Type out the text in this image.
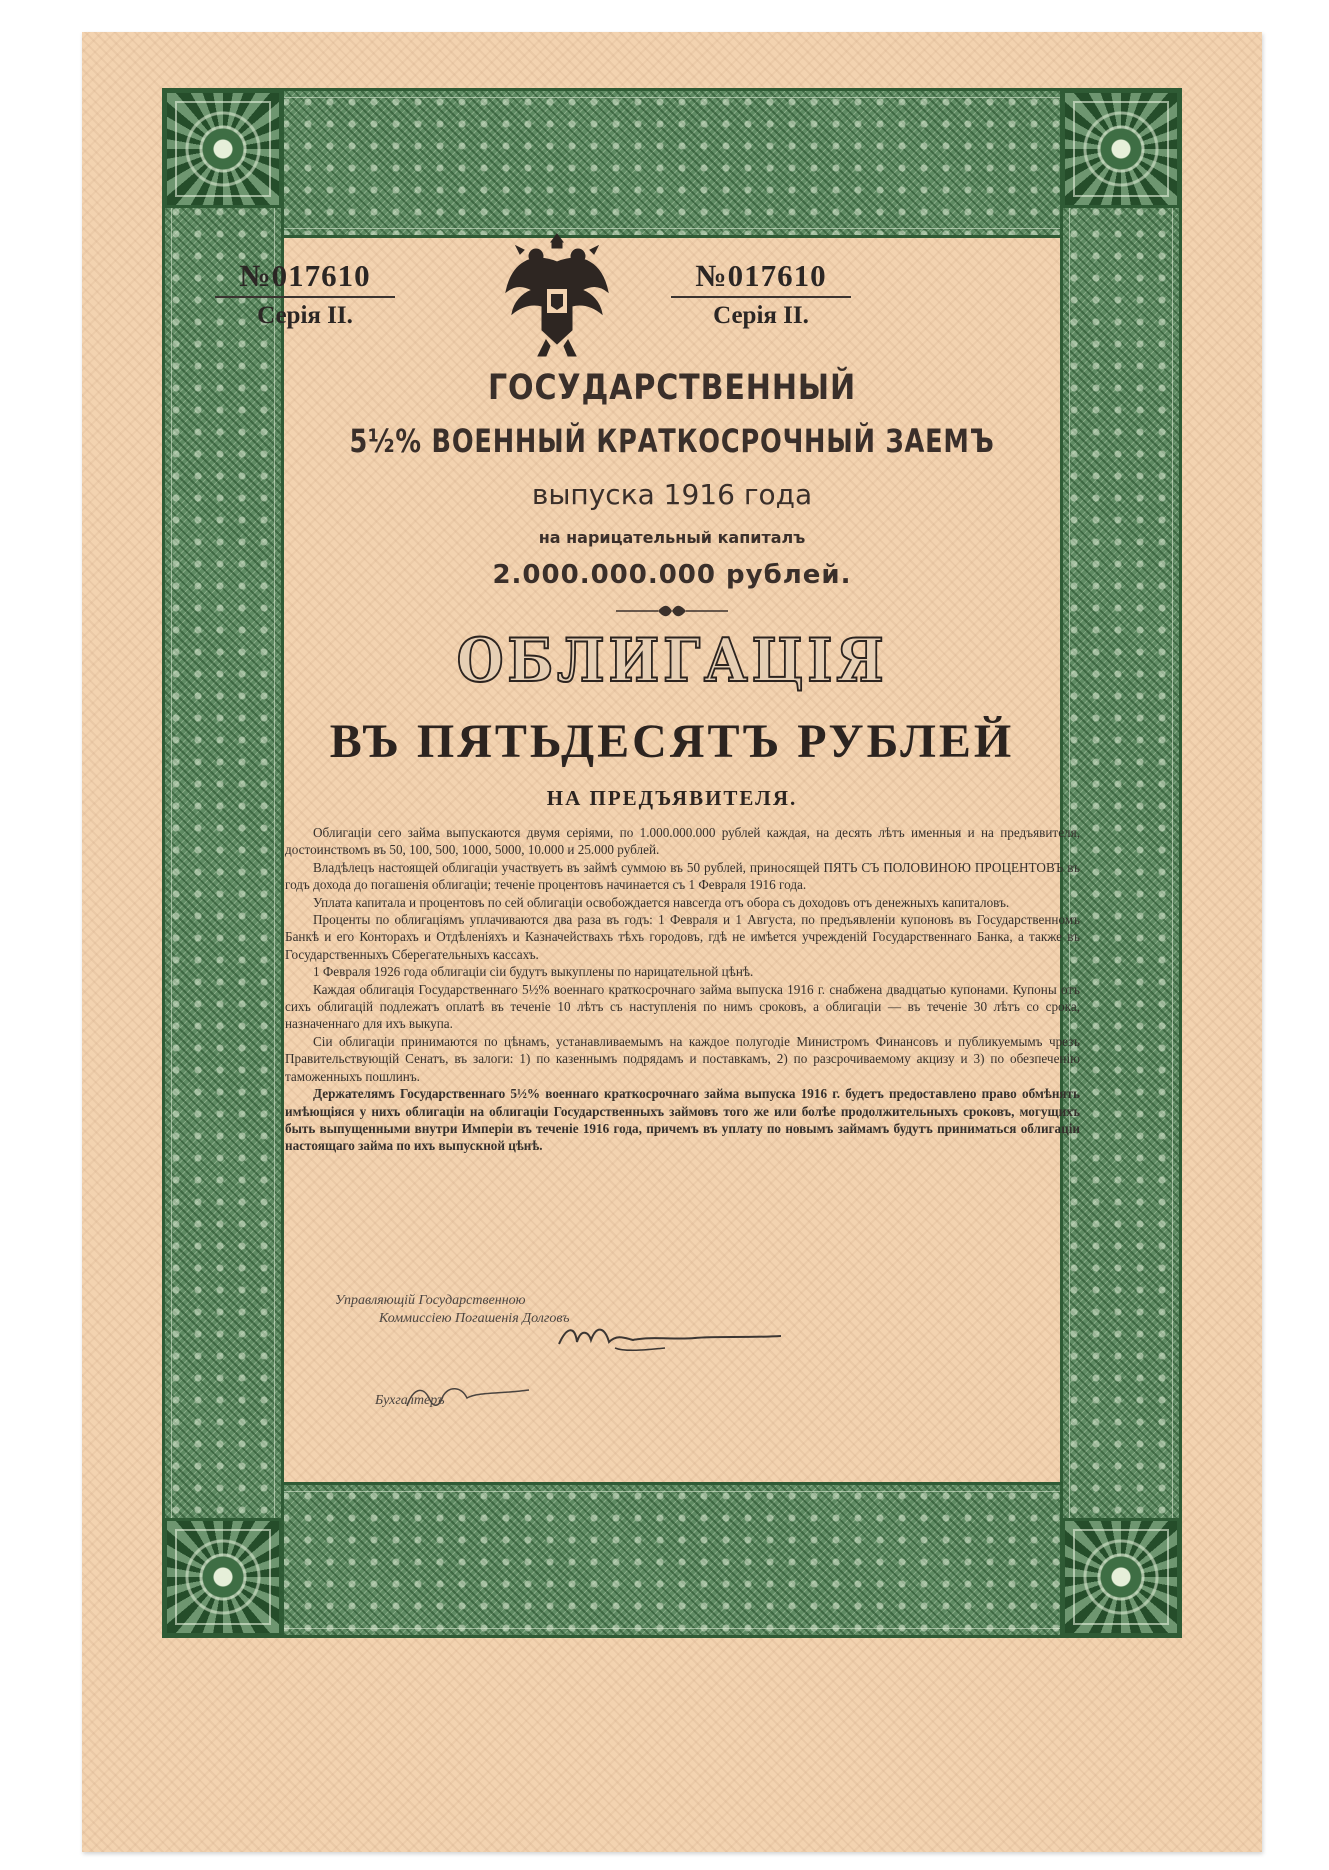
№017610
Серія II.
№017610
Серія II.
ГОСУДАРСТВЕННЫЙ
5½% ВОЕННЫЙ КРАТКОСРОЧНЫЙ ЗАЕМЪ
выпуска 1916 года
на нарицательный капиталъ
2.000.000.000 рублей.
ОБЛИГАЦІЯ
ВЪ ПЯТЬДЕСЯТЪ РУБЛЕЙ
НА ПРЕДЪЯВИТЕЛЯ.

Облигаціи сего займа выпускаются двумя серіями, по 1.000.000.000 рублей каждая, на десять лѣтъ именныя и на предъявителя, достоинствомъ въ 50, 100, 500, 1000, 5000, 10.000 и 25.000 рублей.

Владѣлецъ настоящей облигаціи участвуетъ въ займѣ суммою въ 50 рублей, приносящей ПЯТЬ СЪ ПОЛОВИНОЮ ПРОЦЕНТОВЪ въ годъ дохода до погашенія облигаціи; теченіе процентовъ начинается съ 1 Февраля 1916 года.

Уплата капитала и процентовъ по сей облигаціи освобождается навсегда отъ обора съ доходовъ отъ денежныхъ капиталовъ.

Проценты по облигаціямъ уплачиваются два раза въ годъ: 1 Февраля и 1 Августа, по предъявленіи купоновъ въ Государственномъ Банкѣ и его Конторахъ и Отдѣленіяхъ и Казначействахъ тѣхъ городовъ, гдѣ не имѣется учрежденій Государственнаго Банка, а также въ Государственныхъ Сберегательныхъ кассахъ.

1 Февраля 1926 года облигаціи сіи будутъ выкуплены по нарицательной цѣнѣ.

Каждая облигація Государственнаго 5½% военнаго краткосрочнаго займа выпуска 1916 г. снабжена двадцатью купонами. Купоны отъ сихъ облигацій подлежатъ оплатѣ въ теченіе 10 лѣтъ съ наступленія по нимъ сроковъ, а облигаціи — въ теченіе 30 лѣтъ со срока, назначеннаго для ихъ выкупа.

Сіи облигаціи принимаются по цѣнамъ, устанавливаемымъ на каждое полугодіе Министромъ Финансовъ и публикуемымъ чрезъ Правительствующій Сенатъ, въ залоги: 1) по казеннымъ подрядамъ и поставкамъ, 2) по разсрочиваемому акцизу и 3) по обезпеченію таможенныхъ пошлинъ.

Держателямъ Государственнаго 5½% военнаго краткосрочнаго займа выпуска 1916 г. будетъ предоставлено право обмѣнять имѣющіяся у нихъ облигаціи на облигаціи Государственныхъ займовъ того же или болѣе продолжительныхъ сроковъ, могущихъ быть выпущенными внутри Имперіи въ теченіе 1916 года, причемъ въ уплату по новымъ займамъ будутъ приниматься облигаціи настоящаго займа по ихъ выпускной цѣнѣ.

Управляющій Государственною
Коммиссіею Погашенія Долговъ
Бухгалтеръ
